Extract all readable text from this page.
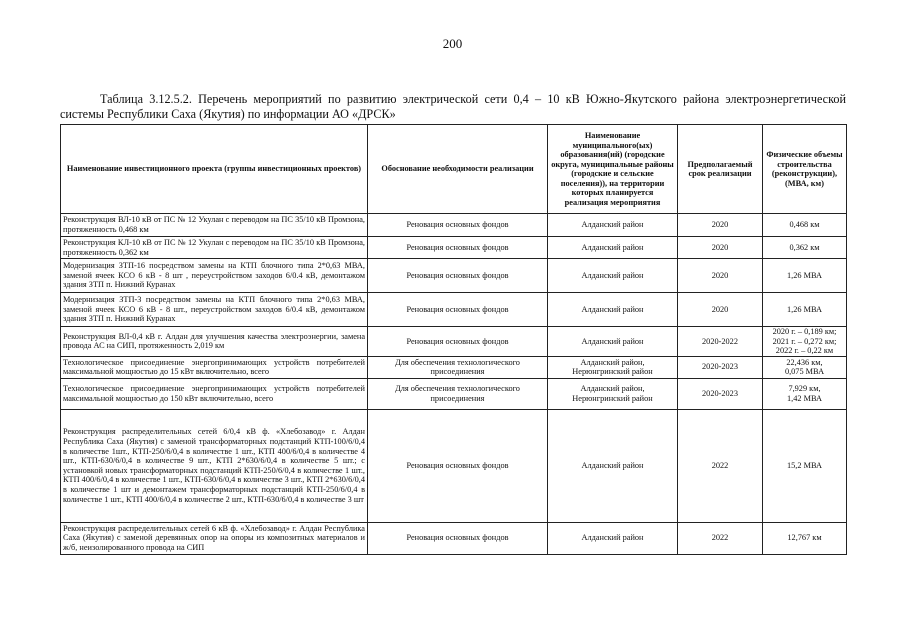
200
Таблица 3.12.5.2. Перечень мероприятий по развитию электрической сети 0,4 – 10 кВ Южно-Якутского района электроэнергетической системы Республики Саха (Якутия) по информации АО «ДРСК»
Наименование инвестиционного проекта (группы инвестиционных проектов)	Обоснование необходимости реализации	Наименование муниципального(ых) образования(ий) (городские округа, муниципальные районы (городские и сельские поселения)), на территории которых планируется реализация мероприятия	Предполагаемый срок реализации	Физические объемы строительства (реконструкции), (МВА, км)
Реконструкция ВЛ-10 кВ от ПС № 12 Укулан с переводом на ПС 35/10 кВ Промзона, протяженность 0,468 км	Реновация основных фондов	Алданский район	2020	0,468 км
Реконструкция КЛ-10 кВ от ПС № 12 Укулан с переводом на ПС 35/10 кВ Промзона, протяженность 0,362 км	Реновация основных фондов	Алданский район	2020	0,362 км
Модернизация ЗТП-16 посредством замены на КТП блочного типа 2*0,63 МВА, заменой ячеек КСО 6 кВ - 8 шт , переустройством заходов 6/0.4 кВ, демонтажом здания ЗТП п. Нижний Куранах	Реновация основных фондов	Алданский район	2020	1,26 МВА
Модернизация ЗТП-3 посредством замены на КТП блочного типа 2*0,63 МВА, заменой ячеек КСО 6 кВ - 8 шт., переустройством заходов 6/0.4 кВ, демонтажом здания ЗТП п. Нижний Куранах	Реновация основных фондов	Алданский район	2020	1,26 МВА
Реконструкция ВЛ-0,4 кВ г. Алдан для улучшения качества электроэнергии, замена провода АС на СИП, протяженность 2,019 км	Реновация основных фондов	Алданский район	2020-2022	2020 г. – 0,189 км;
2021 г. – 0,272 км;
2022 г. – 0,22 км
Технологическое присоединение энергопринимающих устройств потребителей максимальной мощностью до 15 кВт включительно, всего	Для обеспечения технологического присоединения	Алданский район,
Нерюнгринский район	2020-2023	22,436 км,
0,075 МВА
Технологическое присоединение энергопринимающих устройств потребителей максимальной мощностью до 150 кВт включительно, всего	Для обеспечения технологического присоединения	Алданский район,
Нерюнгринский район	2020-2023	7,929 км,
1,42 МВА
Реконструкция распределительных сетей 6/0,4 кВ ф. «Хлебозавод» г. Алдан Республика Саха (Якутия) с заменой трансформаторных подстанций КТП-100/6/0,4 в количестве 1шт., КТП-250/6/0,4 в количестве 1 шт., КТП 400/6/0,4 в количестве 4 шт., КТП-630/6/0,4 в количестве 9 шт., КТП 2*630/6/0,4 в количестве 5 шт.; с установкой новых трансформаторных подстанций КТП-250/6/0,4 в количестве 1 шт., КТП 400/6/0,4 в количестве 1 шт., КТП-630/6/0,4 в количестве 3 шт., КТП 2*630/6/0,4 в количестве 1 шт и демонтажем трансформаторных подстанций КТП-250/6/0,4 в количестве 1 шт., КТП 400/6/0,4 в количестве 2 шт., КТП-630/6/0,4 в количестве 3 шт	Реновация основных фондов	Алданский район	2022	15,2 МВА
Реконструкция распределительных сетей 6 кВ ф. «Хлебозавод» г. Алдан Республика Саха (Якутия) с заменой деревянных опор на опоры из композитных материалов и ж/б, неизолированного провода на СИП	Реновация основных фондов	Алданский район	2022	12,767 км
